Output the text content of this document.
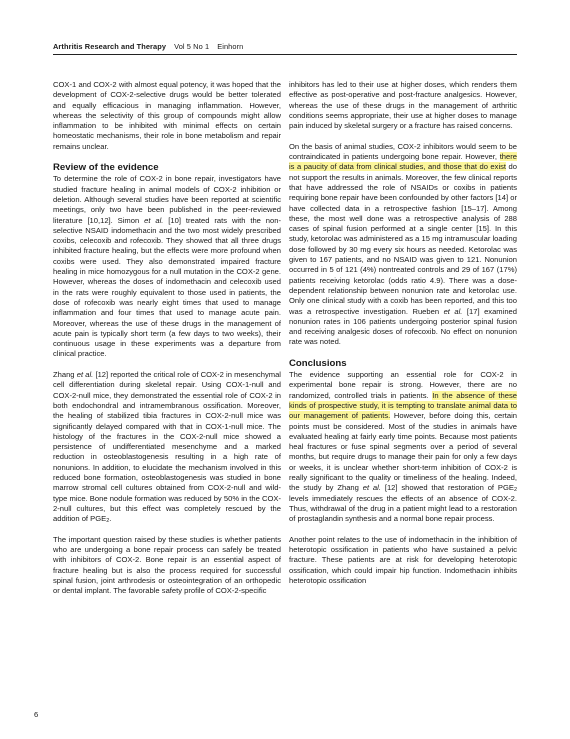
Arthritis Research and Therapy Vol 5 No 1 Einhorn

COX-1 and COX-2 with almost equal potency, it was hoped that the development of COX-2-selective drugs would be better tolerated and equally efficacious in managing inflammation. However, whereas the selectivity of this group of compounds might allow inflammation to be inhibited with minimal effects on certain homeostatic mechanisms, their role in bone metabolism and repair remains unclear.

Review of the evidence

To determine the role of COX-2 in bone repair, investigators have studied fracture healing in animal models of COX-2 inhibition or deletion. Although several studies have been reported at scientific meetings, only two have been published in the peer-reviewed literature [10,12]. Simon et al. [10] treated rats with the non-selective NSAID indomethacin and the two most widely prescribed coxibs, celecoxib and rofecoxib. They showed that all three drugs inhibited fracture healing, but the effects were more profound when coxibs were used. They also demonstrated impaired fracture healing in mice homozygous for a null mutation in the COX-2 gene. However, whereas the doses of indomethacin and celecoxib used in the rats were roughly equivalent to those used in patients, the dose of rofecoxib was nearly eight times that used to manage inflammation and four times that used to manage acute pain. Moreover, whereas the use of these drugs in the management of acute pain is typically short term (a few days to two weeks), their continuous usage in these experiments was a departure from clinical practice.

Zhang et al. [12] reported the critical role of COX-2 in mesenchymal cell differentiation during skeletal repair. Using COX-1-null and COX-2-null mice, they demonstrated the essential role of COX-2 in both endochondral and intramembranous ossification. Moreover, the healing of stabilized tibia fractures in COX-2-null mice was significantly delayed compared with that in COX-1-null mice. The histology of the fractures in the COX-2-null mice showed a persistence of undifferentiated mesenchyme and a marked reduction in osteoblastogenesis resulting in a high rate of nonunions. In addition, to elucidate the mechanism involved in this reduced bone formation, osteoblastogenesis was studied in bone marrow stromal cell cultures obtained from COX-2-null and wild-type mice. Bone nodule formation was reduced by 50% in the COX-2-null cultures, but this effect was completely rescued by the addition of $PGE_2$.

The important question raised by these studies is whether patients who are undergoing a bone repair process can safely be treated with inhibitors of COX-2. Bone repair is an essential aspect of fracture healing but is also the process required for successful spinal fusion, joint arthrodesis or osteointegration of an orthopedic or dental implant. The favorable safety profile of COX-2-specific

inhibitors has led to their use at higher doses, which renders them effective as post-operative and post-fracture analgesics. However, whereas the use of these drugs in the management of arthritic conditions seems appropriate, their use at higher doses to manage pain induced by skeletal surgery or a fracture has raised concerns.

On the basis of animal studies, COX-2 inhibitors would seem to be contraindicated in patients undergoing bone repair. However, there is a paucity of data from clinical studies, and those that do exist do not support the results in animals. Moreover, the few clinical reports that have addressed the role of NSAIDs or coxibs in patients requiring bone repair have been confounded by other factors [14] or have collected data in a retrospective fashion [15–17]. Among these, the most well done was a retrospective analysis of 288 cases of spinal fusion performed at a single center [15]. In this study, ketorolac was administered as a 15 mg intramuscular loading dose followed by 30 mg every six hours as needed. Ketorolac was given to 167 patients, and no NSAID was given to 121. Nonunion occurred in 5 of 121 (4%) nontreated controls and 29 of 167 (17%) patients receiving ketorolac (odds ratio 4.9). There was a dose-dependent relationship between nonunion rate and ketorolac use. Only one clinical study with a coxib has been reported, and this too was a retrospective investigation. Rueben et al. [17] examined nonunion rates in 106 patients undergoing posterior spinal fusion and receiving analgesic doses of rofecoxib. No effect on nonunion rate was noted.

Conclusions

The evidence supporting an essential role for COX-2 in experimental bone repair is strong. However, there are no randomized, controlled trials in patients. In the absence of these kinds of prospective study, it is tempting to translate animal data to our management of patients. However, before doing this, certain points must be considered. Most of the studies in animals have evaluated healing at fairly early time points. Because most patients heal fractures or fuse spinal segments over a period of several months, but require drugs to manage their pain for only a few days or weeks, it is unclear whether short-term inhibition of COX-2 is really significant to the quality or timeliness of the healing. Indeed, the study by Zhang et al. [12] showed that restoration of $PGE_2$ levels immediately rescues the effects of an absence of COX-2. Thus, withdrawal of the drug in a patient might lead to a restoration of prostaglandin synthesis and a normal bone repair process.

Another point relates to the use of indomethacin in the inhibition of heterotopic ossification in patients who have sustained a pelvic fracture. These patients are at risk for developing heterotopic ossification, which could impair hip function. Indomethacin inhibits heterotopic ossification

6
